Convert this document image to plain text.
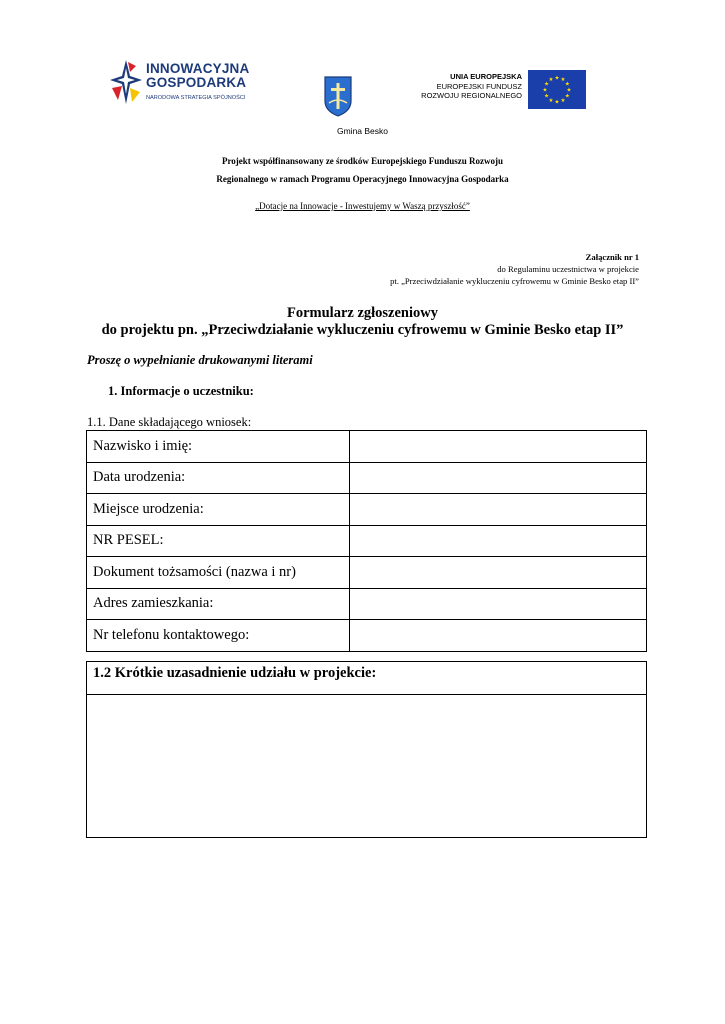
INNOWACYJNA
GOSPODARKA
NARODOWA STRATEGIA SPÓJNOŚCI
Gmina Besko
UNIA EUROPEJSKA
EUROPEJSKI FUNDUSZ
ROZWOJU REGIONALNEGO
★ ★
★
★
★
★
★
★
★
★
★
★
Projekt współfinansowany ze środków Europejskiego Funduszu Rozwoju
Regionalnego w ramach Programu Operacyjnego Innowacyjna Gospodarka
„Dotacje na Innowacje - Inwestujemy w Waszą przyszłość”
Załącznik nr 1
do Regulaminu uczestnictwa w projekcie
pt. „Przeciwdziałanie wykluczeniu cyfrowemu w Gminie Besko etap II”
Formularz zgłoszeniowy
do projektu pn. „Przeciwdziałanie wykluczeniu cyfrowemu w Gminie Besko etap II”
Proszę o wypełnianie drukowanymi literami
1. Informacje o uczestniku:
1.1. Dane składającego wniosek:
Nazwisko i imię:	
Data urodzenia:	
Miejsce urodzenia:	
NR PESEL:	
Dokument tożsamości (nazwa i nr)	
Adres zamieszkania:	
Nr telefonu kontaktowego:	
1.2 Krótkie uzasadnienie udziału w projekcie:
